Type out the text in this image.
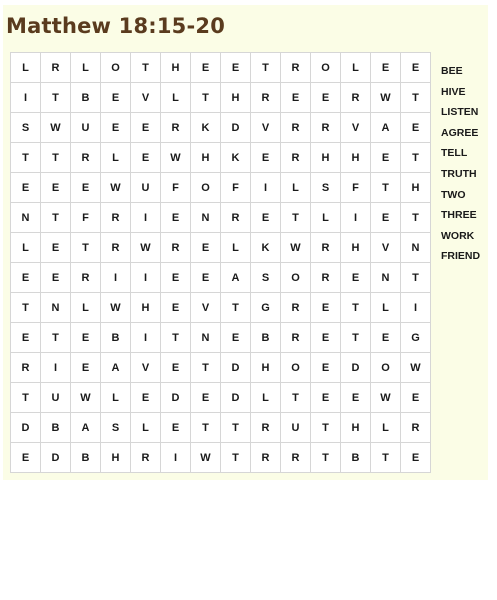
Matthew 18:15-20
L	R	L	O	T	H	E	E	T	R	O	L	E	E
I	T	B	E	V	L	T	H	R	E	E	R	W	T
S	W	U	E	E	R	K	D	V	R	R	V	A	E
T	T	R	L	E	W	H	K	E	R	H	H	E	T
E	E	E	W	U	F	O	F	I	L	S	F	T	H
N	T	F	R	I	E	N	R	E	T	L	I	E	T
L	E	T	R	W	R	E	L	K	W	R	H	V	N
E	E	R	I	I	E	E	A	S	O	R	E	N	T
T	N	L	W	H	E	V	T	G	R	E	T	L	I
E	T	E	B	I	T	N	E	B	R	E	T	E	G
R	I	E	A	V	E	T	D	H	O	E	D	O	W
T	U	W	L	E	D	E	D	L	T	E	E	W	E
D	B	A	S	L	E	T	T	R	U	T	H	L	R
E	D	B	H	R	I	W	T	R	R	T	B	T	E
BEE
HIVE
LISTEN
AGREE
TELL
TRUTH
TWO
THREE
WORK
FRIEND
